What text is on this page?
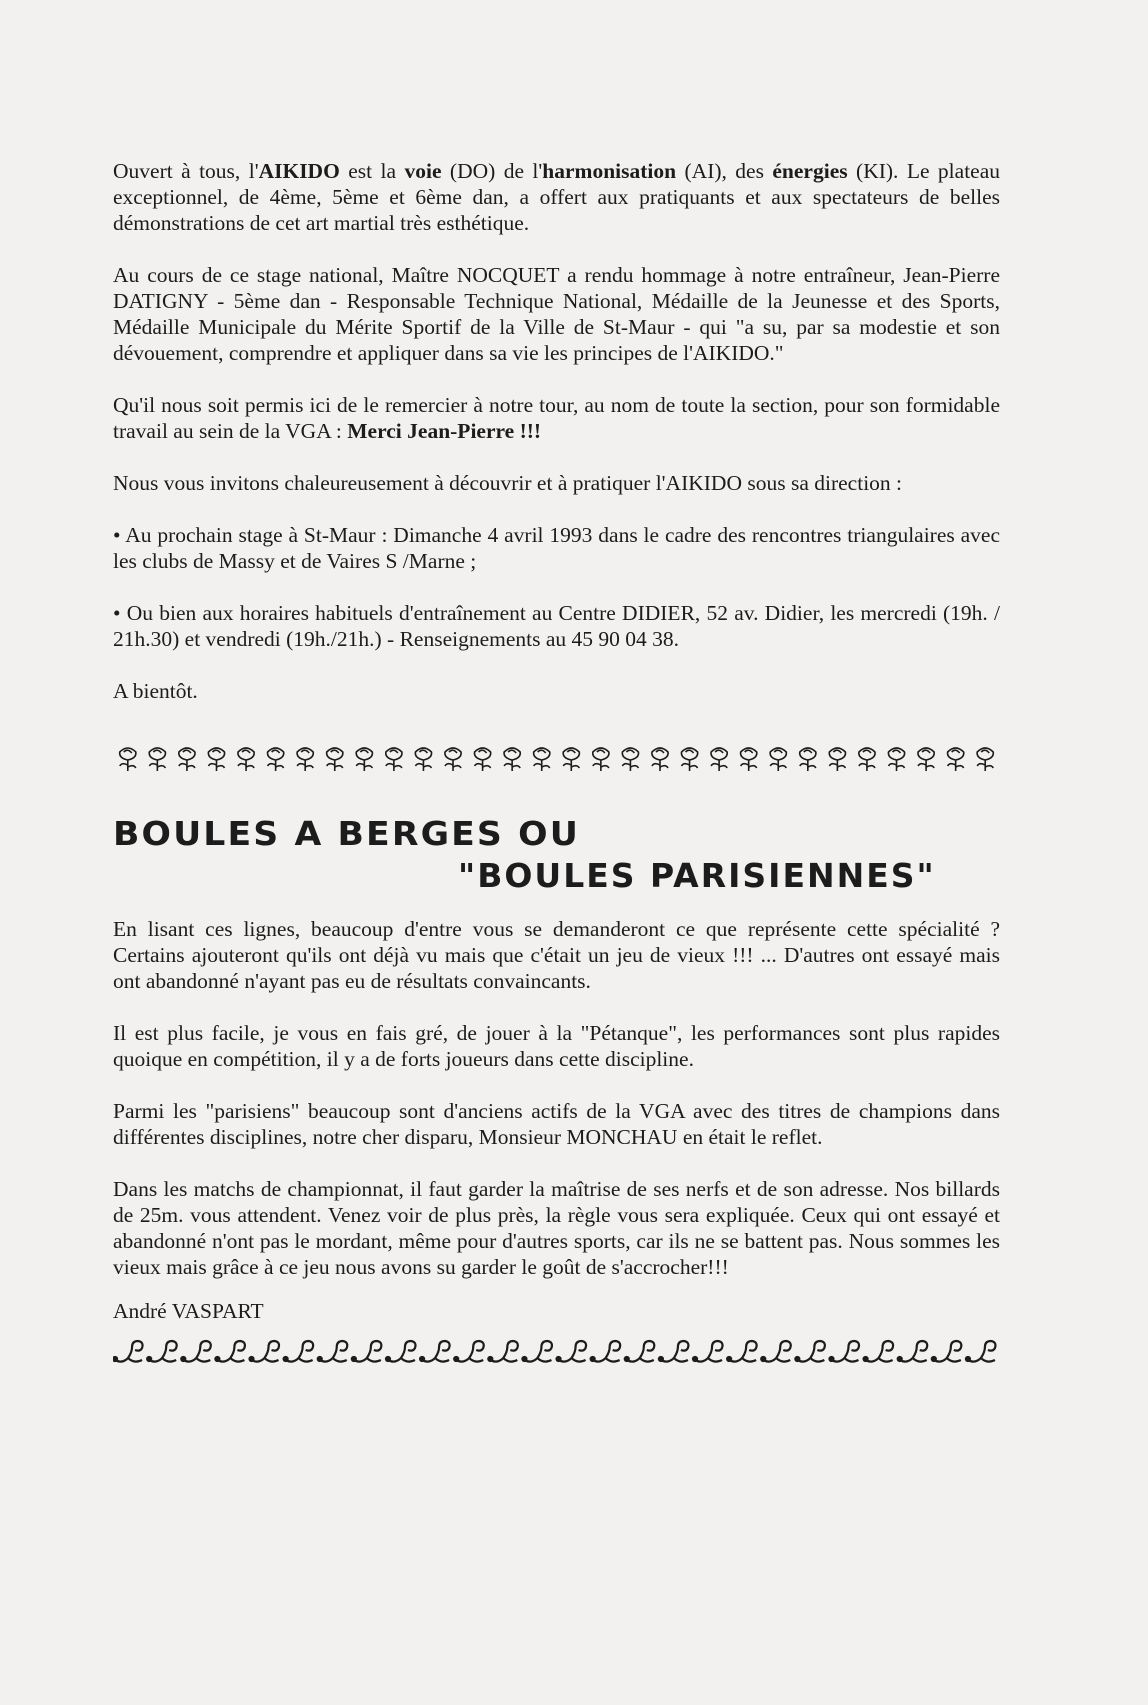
Ouvert à tous, l'AIKIDO est la voie (DO) de l'harmonisation (AI), des énergies (KI). Le plateau exceptionnel, de 4ème, 5ème et 6ème dan, a offert aux pratiquants et aux spectateurs de belles démonstrations de cet art martial très esthétique.

Au cours de ce stage national, Maître NOCQUET a rendu hommage à notre entraîneur, Jean-Pierre DATIGNY - 5ème dan - Responsable Technique National, Médaille de la Jeunesse et des Sports, Médaille Municipale du Mérite Sportif de la Ville de St-Maur - qui "a su, par sa modestie et son dévouement, comprendre et appliquer dans sa vie les principes de l'AIKIDO."

Qu'il nous soit permis ici de le remercier à notre tour, au nom de toute la section, pour son formidable travail au sein de la VGA : Merci Jean-Pierre !!!

Nous vous invitons chaleureusement à découvrir et à pratiquer l'AIKIDO sous sa direction :

• Au prochain stage à St-Maur : Dimanche 4 avril 1993 dans le cadre des rencontres triangulaires avec les clubs de Massy et de Vaires S /Marne ;

• Ou bien aux horaires habituels d'entraînement au Centre DIDIER, 52 av. Didier, les mercredi (19h. / 21h.30) et vendredi (19h./21h.) - Renseignements au 45 90 04 38.

A bientôt.

BOULES A BERGES OU

"BOULES PARISIENNES"

En lisant ces lignes, beaucoup d'entre vous se demanderont ce que représente cette spécialité ? Certains ajouteront qu'ils ont déjà vu mais que c'était un jeu de vieux !!! ... D'autres ont essayé mais ont abandonné n'ayant pas eu de résultats convaincants.

Il est plus facile, je vous en fais gré, de jouer à la "Pétanque", les performances sont plus rapides quoique en compétition, il y a de forts joueurs dans cette discipline.

Parmi les "parisiens" beaucoup sont d'anciens actifs de la VGA avec des titres de champions dans différentes disciplines, notre cher disparu, Monsieur MONCHAU en était le reflet.

Dans les matchs de championnat, il faut garder la maîtrise de ses nerfs et de son adresse. Nos billards de 25m. vous attendent. Venez voir de plus près, la règle vous sera expliquée. Ceux qui ont essayé et abandonné n'ont pas le mordant, même pour d'autres sports, car ils ne se battent pas. Nous sommes les vieux mais grâce à ce jeu nous avons su garder le goût de s'accrocher!!!

André VASPART
